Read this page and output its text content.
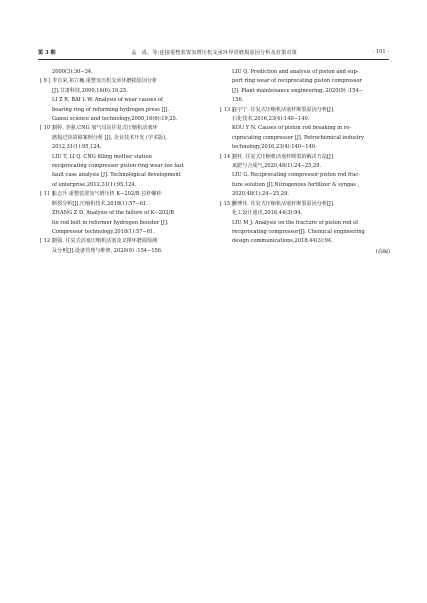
第 3 期	孟　成，等:连接重整装置氢增压机支承环异常磨损原因分析及对策对策	· 101 ·
2000(3):30−34.
[ 9 ] 李自荣,祁立巍.重整氢压机支承环磨损原因分析
[J].甘肃科技,2000,16(6):19,25.
LI Z R, BAI L W. Analysis of wear causes of
bearing ring of reforming hydrogen press [J].
Gansu science and technology,2000,16(6):19,25.
[ 10 ]
刘婷, 李强.CNG 加气母站往复式压缩机活塞环
磨损过快故障案例分析 [J]. 企业技术开发 (学术版),
2012,31(1):95,124.
LIU T, LI Q. CNG filling mother station
reciprocating compressor piston ring wear too fast
fault case analysis [J]. Technological development
of enterprise,2012,31(1):95,124.
[ 11 ]
张志升.重整装置氢气增压机 K−202/B 拉杆螺栓
断裂分析[J].压缩机技术,2018(1):57−61.
ZHANG Z D. Analysis of the failure of K−202/B
tie rod bolt in reformer hydrogen booster [J].
Compressor technology,2018(1):57−61.
[ 12 ]
刘强. 往复式活塞压缩机活塞及支撑环磨损预测
及分析[J].设备管理与维修, 2020(9) :154−156.
LIU Q. Prediction and analysis of piston and sup-
port ring wear of reciprocating piston compressor
[J]. Plant maintenance engineering, 2020(9) :154−
156.
[ 13 ]
寇宇宁. 往复式压缩机活塞杆断裂原因分析[J].
石化技术,2016,23(4):140−140.
KOU Y N. Causes of piston rod breaking in re-
ciprocating compressor [J]. Petrochemical industry
technology,2016,23(4):140−140.
[ 14 ]
刘桂. 往复式压缩机活塞杆断裂的解决方法[J].
氮肥与合成气,2020,48(1):24−25,29.
LIU G. Reciprocating compressor piston rod frac-
ture solution [J].Nitrogenous fertilizer & syngas ,
2020,48(1):24−25,29.
[ 15 ]
柳博佳. 往复式压缩机活塞杆断裂原因分析[J].
化工设计通讯,2018,44(3):94.
LIU M J. Analysis on the fracture of piston rod of
reciprocating compressor[J]. Chemical engineering
design communications,2018,44(3):94.
(高编)
